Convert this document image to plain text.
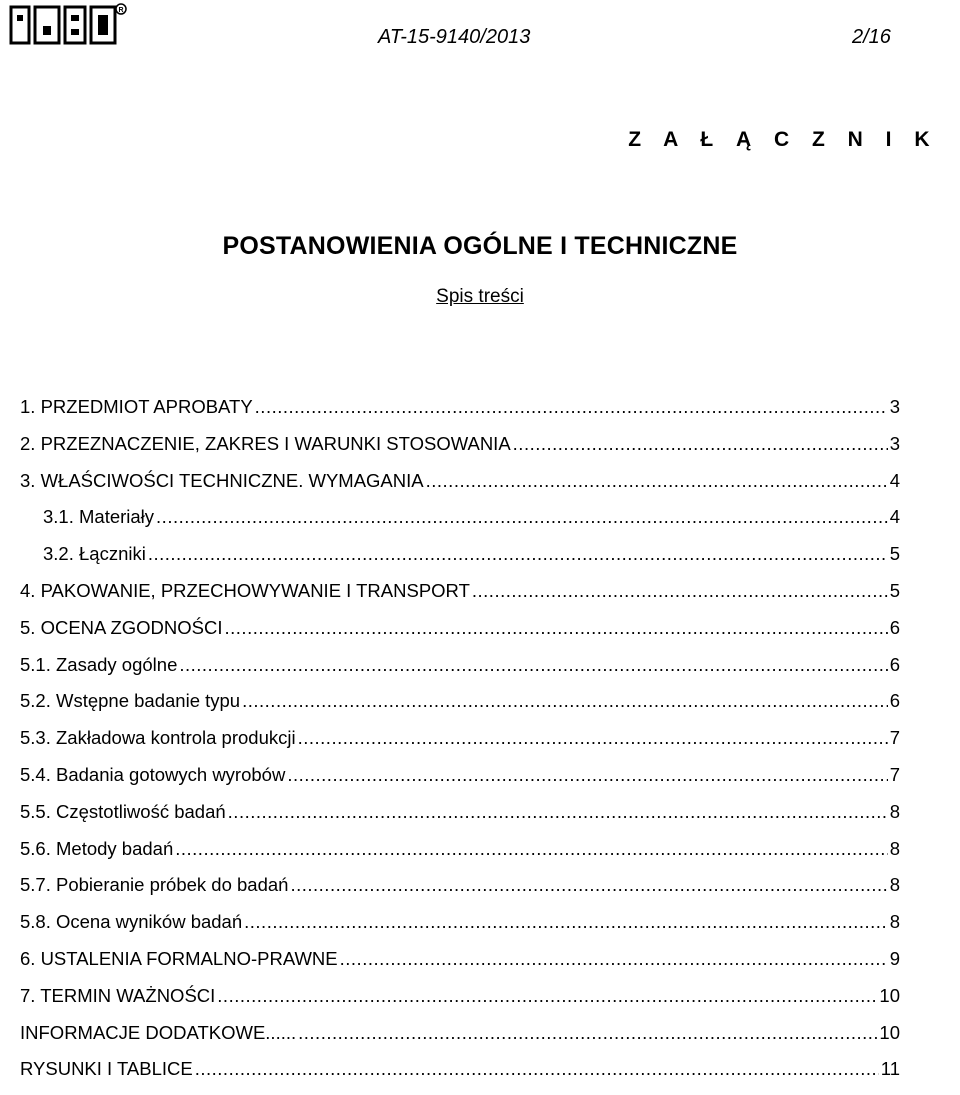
R
AT-15-9140/2013	2/16
Z A Ł Ą C Z N I K
POSTANOWIENIA OGÓLNE I TECHNICZNE
Spis treści
1. PRZEDMIOT APROBATY .....	3
2. PRZEZNACZENIE, ZAKRES I WARUNKI STOSOWANIA .....	3
3. WŁAŚCIWOŚCI TECHNICZNE. WYMAGANIA .....	4
3.1. Materiały .....	4
3.2. Łączniki .....	5
4. PAKOWANIE, PRZECHOWYWANIE I TRANSPORT .....	5
5. OCENA ZGODNOŚCI .....	6
5.1. Zasady ogólne .....	6
5.2. Wstępne badanie typu .....	6
5.3. Zakładowa kontrola produkcji .....	7
5.4. Badania gotowych wyrobów .....	7
5.5. Częstotliwość badań .....	8
5.6. Metody badań .....	8
5.7. Pobieranie próbek do badań .....	8
5.8. Ocena wyników badań .....	8
6. USTALENIA FORMALNO-PRAWNE .....	9
7. TERMIN WAŻNOŚCI .....	10
INFORMACJE DODATKOWE...... .....	10
RYSUNKI I TABLICE .....	11
